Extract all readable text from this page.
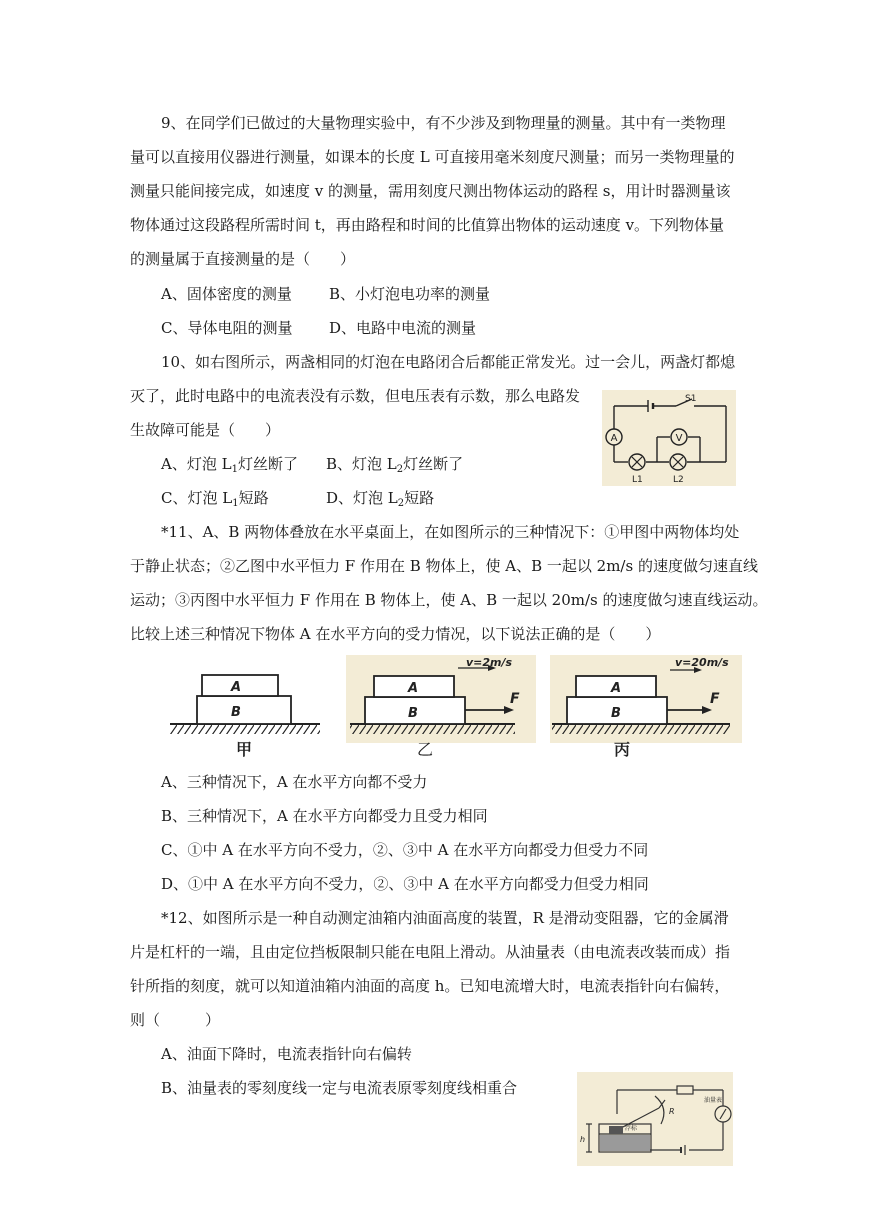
9、在同学们已做过的大量物理实验中，有不少涉及到物理量的测量。其中有一类物理
量可以直接用仪器进行测量，如课本的长度 L 可直接用毫米刻度尺测量；而另一类物理量的
测量只能间接完成，如速度 v 的测量，需用刻度尺测出物体运动的路程 s，用计时器测量该
物体通过这段路程所需时间 t，再由路程和时间的比值算出物体的运动速度 v。下列物体量
的测量属于直接测量的是（　　）
A、固体密度的测量 B、小灯泡电功率的测量
C、导体电阻的测量 D、电路中电流的测量
10、如右图所示，两盏相同的灯泡在电路闭合后都能正常发光。过一会儿，两盏灯都熄
灭了，此时电路中的电流表没有示数，但电压表有示数，那么电路发
生故障可能是（　　）
A、灯泡 $L_1$灯丝断了 B、灯泡 $L_2$灯丝断了
C、灯泡 $L_1$短路	D、灯泡 $L_2$短路
A	V
S1
L1	L2
*11、A、B 两物体叠放在水平桌面上，在如图所示的三种情况下：①甲图中两物体均处
于静止状态；②乙图中水平恒力 F 作用在 B 物体上，使 A、B 一起以 2m/s 的速度做匀速直线
运动；③丙图中水平恒力 F 作用在 B 物体上，使 A、B 一起以 20m/s 的速度做匀速直线运动。
比较上述三种情况下物体 A 在水平方向的受力情况，以下说法正确的是（　　）
A
B
甲
A
B
v=2m/s
F
乙
A
B
v=20m/s
F
丙
A、三种情况下，A 在水平方向都不受力
B、三种情况下，A 在水平方向都受力且受力相同
C、①中 A 在水平方向不受力，②、③中 A 在水平方向都受力但受力不同
D、①中 A 在水平方向不受力，②、③中 A 在水平方向都受力但受力相同
*12、如图所示是一种自动测定油箱内油面高度的装置，R 是滑动变阻器，它的金属滑
片是杠杆的一端，且由定位挡板限制只能在电阻上滑动。从油量表（由电流表改装而成）指
针所指的刻度，就可以知道油箱内油面的高度 h。已知电流增大时，电流表指针向右偏转，
则（　　　）
A、油面下降时，电流表指针向右偏转
B、油量表的零刻度线一定与电流表原零刻度线相重合
R
油量表
浮标
h
